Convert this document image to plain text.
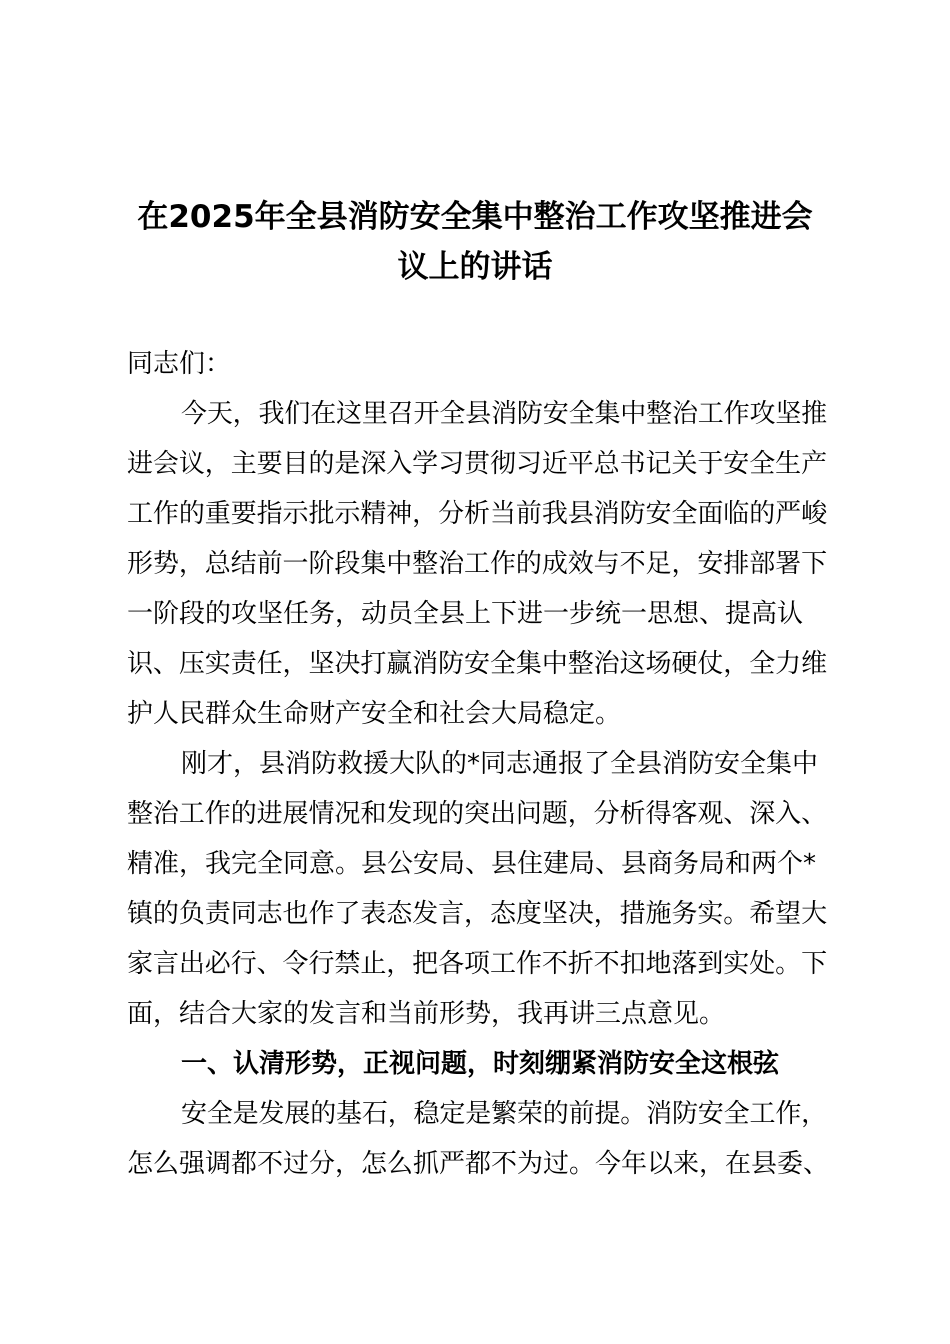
在2025年全县消防安全集中整治工作攻坚推进会
议上的讲话
同志们：
今天，我们在这里召开全县消防安全集中整治工作攻坚推
进会议，主要目的是深入学习贯彻习近平总书记关于安全生产
工作的重要指示批示精神，分析当前我县消防安全面临的严峻
形势，总结前一阶段集中整治工作的成效与不足，安排部署下
一阶段的攻坚任务，动员全县上下进一步统一思想、提高认
识、压实责任，坚决打赢消防安全集中整治这场硬仗，全力维
护人民群众生命财产安全和社会大局稳定。
刚才，县消防救援大队的*同志通报了全县消防安全集中
整治工作的进展情况和发现的突出问题，分析得客观、深入、
精准，我完全同意。县公安局、县住建局、县商务局和两个*
镇的负责同志也作了表态发言，态度坚决，措施务实。希望大
家言出必行、令行禁止，把各项工作不折不扣地落到实处。下
面，结合大家的发言和当前形势，我再讲三点意见。
一、认清形势，正视问题，时刻绷紧消防安全这根弦
安全是发展的基石，稳定是繁荣的前提。消防安全工作，
怎么强调都不过分，怎么抓严都不为过。今年以来，在县委、
